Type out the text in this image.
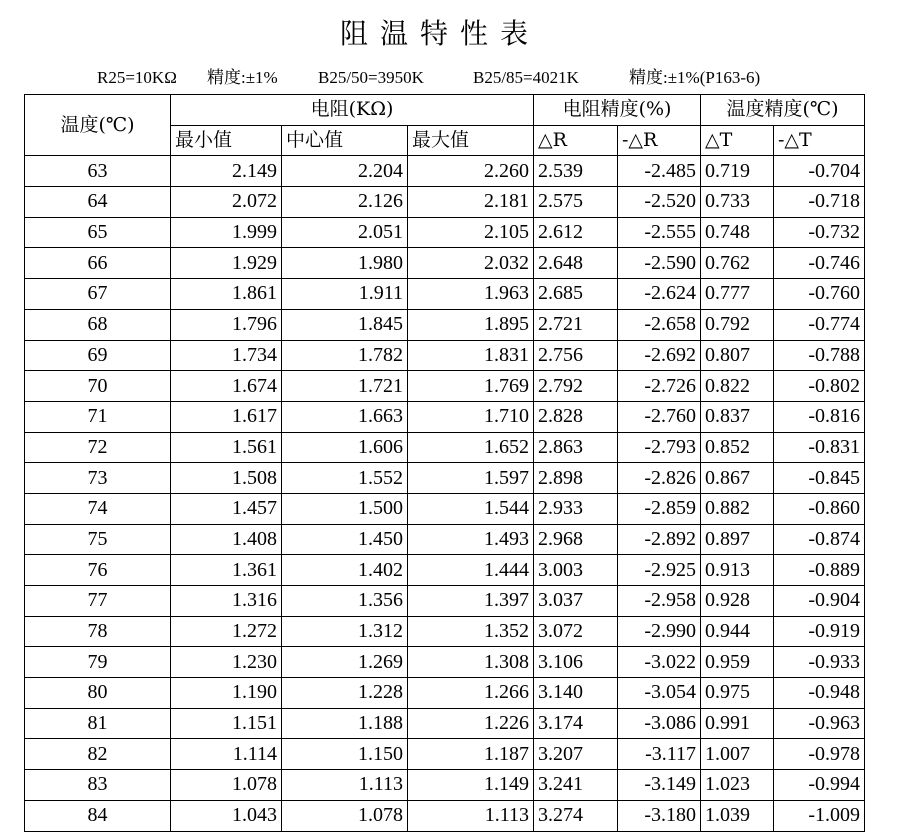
阻温特性表
R25=10KΩ 精度:±1% B25/50=3950K	B25/85=4021K	精度:±1%(P163-6)
温度(℃)	电阻(KΩ)			电阻精度(%)		温度精度(℃)	
	最小值	中心值	最大值	△R	-△R	△T	-△T
63	2.149	2.204	2.260	2.539	-2.485	0.719	-0.704
64	2.072	2.126	2.181	2.575	-2.520	0.733	-0.718
65	1.999	2.051	2.105	2.612	-2.555	0.748	-0.732
66	1.929	1.980	2.032	2.648	-2.590	0.762	-0.746
67	1.861	1.911	1.963	2.685	-2.624	0.777	-0.760
68	1.796	1.845	1.895	2.721	-2.658	0.792	-0.774
69	1.734	1.782	1.831	2.756	-2.692	0.807	-0.788
70	1.674	1.721	1.769	2.792	-2.726	0.822	-0.802
71	1.617	1.663	1.710	2.828	-2.760	0.837	-0.816
72	1.561	1.606	1.652	2.863	-2.793	0.852	-0.831
73	1.508	1.552	1.597	2.898	-2.826	0.867	-0.845
74	1.457	1.500	1.544	2.933	-2.859	0.882	-0.860
75	1.408	1.450	1.493	2.968	-2.892	0.897	-0.874
76	1.361	1.402	1.444	3.003	-2.925	0.913	-0.889
77	1.316	1.356	1.397	3.037	-2.958	0.928	-0.904
78	1.272	1.312	1.352	3.072	-2.990	0.944	-0.919
79	1.230	1.269	1.308	3.106	-3.022	0.959	-0.933
80	1.190	1.228	1.266	3.140	-3.054	0.975	-0.948
81	1.151	1.188	1.226	3.174	-3.086	0.991	-0.963
82	1.114	1.150	1.187	3.207	-3.117	1.007	-0.978
83	1.078	1.113	1.149	3.241	-3.149	1.023	-0.994
84	1.043	1.078	1.113	3.274	-3.180	1.039	-1.009
